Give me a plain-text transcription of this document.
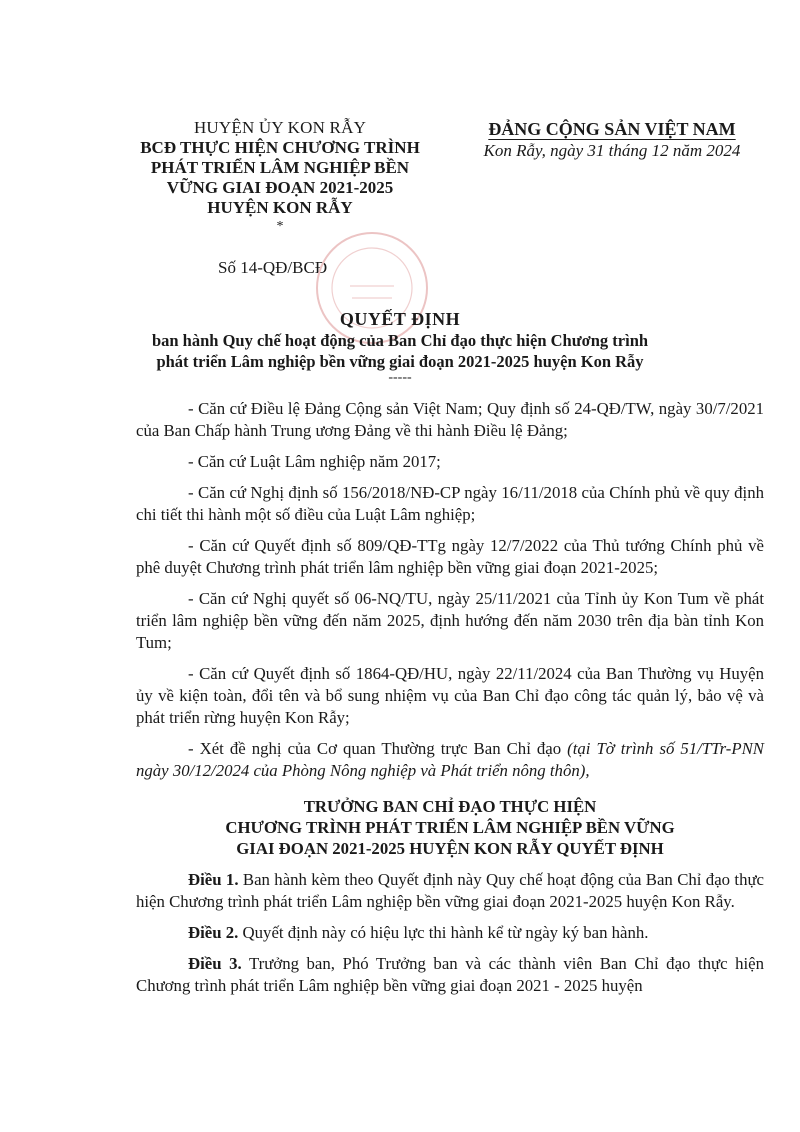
HUYỆN ỦY KON RẪY
BCĐ THỰC HIỆN CHƯƠNG TRÌNH
PHÁT TRIỂN LÂM NGHIỆP BỀN
VỮNG GIAI ĐOẠN 2021-2025
HUYỆN KON RẪY
*
Số 14-QĐ/BCĐ
ĐẢNG CỘNG SẢN VIỆT NAM
Kon Rẫy, ngày 31 tháng 12 năm 2024
QUYẾT ĐỊNH
ban hành Quy chế hoạt động của Ban Chỉ đạo thực hiện Chương trình
phát triển Lâm nghiệp bền vững giai đoạn 2021-2025 huyện Kon Rẫy
-----

- Căn cứ Điều lệ Đảng Cộng sản Việt Nam; Quy định số 24-QĐ/TW, ngày 30/7/2021 của Ban Chấp hành Trung ương Đảng về thi hành Điều lệ Đảng;

- Căn cứ Luật Lâm nghiệp năm 2017;

- Căn cứ Nghị định số 156/2018/NĐ-CP ngày 16/11/2018 của Chính phủ về quy định chi tiết thi hành một số điều của Luật Lâm nghiệp;

- Căn cứ Quyết định số 809/QĐ-TTg ngày 12/7/2022 của Thủ tướng Chính phủ về phê duyệt Chương trình phát triển lâm nghiệp bền vững giai đoạn 2021-2025;

- Căn cứ Nghị quyết số 06-NQ/TU, ngày 25/11/2021 của Tỉnh ủy Kon Tum về phát triển lâm nghiệp bền vững đến năm 2025, định hướng đến năm 2030 trên địa bàn tỉnh Kon Tum;

- Căn cứ Quyết định số 1864-QĐ/HU, ngày 22/11/2024 của Ban Thường vụ Huyện ủy về kiện toàn, đổi tên và bổ sung nhiệm vụ của Ban Chỉ đạo công tác quản lý, bảo vệ và phát triển rừng huyện Kon Rẫy;

- Xét đề nghị của Cơ quan Thường trực Ban Chỉ đạo (tại Tờ trình số 51/TTr-PNN ngày 30/12/2024 của Phòng Nông nghiệp và Phát triển nông thôn),

TRƯỞNG BAN CHỈ ĐẠO THỰC HIỆN
CHƯƠNG TRÌNH PHÁT TRIỂN LÂM NGHIỆP BỀN VỮNG
GIAI ĐOẠN 2021-2025 HUYỆN KON RẪY QUYẾT ĐỊNH

Điều 1. Ban hành kèm theo Quyết định này Quy chế hoạt động của Ban Chỉ đạo thực hiện Chương trình phát triển Lâm nghiệp bền vững giai đoạn 2021-2025 huyện Kon Rẫy.

Điều 2. Quyết định này có hiệu lực thi hành kể từ ngày ký ban hành.

Điều 3. Trưởng ban, Phó Trưởng ban và các thành viên Ban Chỉ đạo thực hiện Chương trình phát triển Lâm nghiệp bền vững giai đoạn 2021 - 2025 huyện
